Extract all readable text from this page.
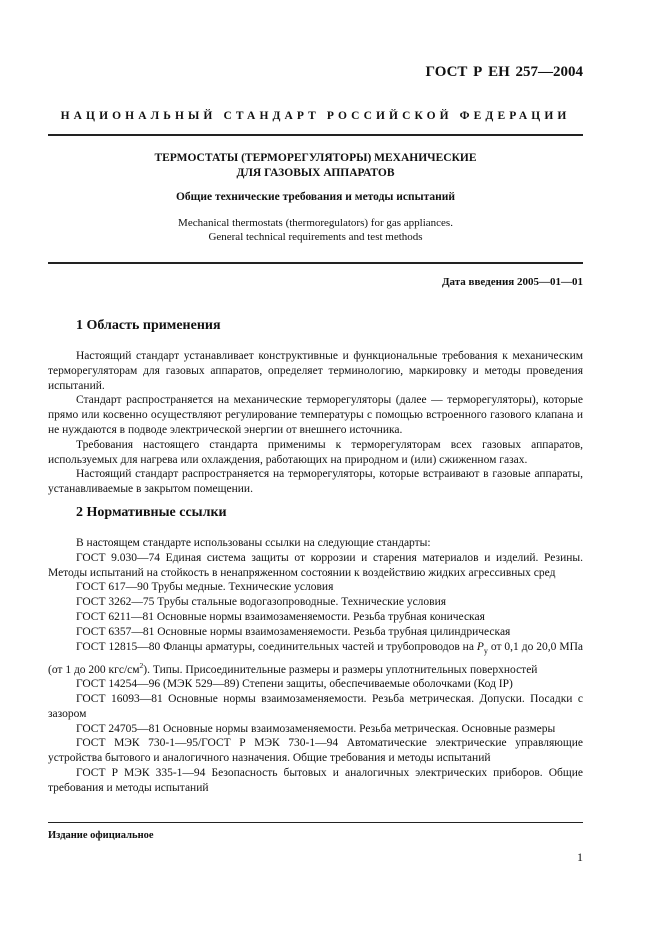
ГОСТ Р ЕН 257—2004
НАЦИОНАЛЬНЫЙ СТАНДАРТ РОССИЙСКОЙ ФЕДЕРАЦИИ
ТЕРМОСТАТЫ (ТЕРМОРЕГУЛЯТОРЫ) МЕХАНИЧЕСКИЕ
ДЛЯ ГАЗОВЫХ АППАРАТОВ
Общие технические требования и методы испытаний
Mechanical thermostats (thermoregulators) for gas appliances.
General technical requirements and test methods
Дата введения 2005—01—01
1 Область применения

Настоящий стандарт устанавливает конструктивные и функциональные требования к механическим терморегуляторам для газовых аппаратов, определяет терминологию, маркировку и методы проведения испытаний.

Стандарт распространяется на механические терморегуляторы (далее — терморегуляторы), которые прямо или косвенно осуществляют регулирование температуры с помощью встроенного газового клапана и не нуждаются в подводе электрической энергии от внешнего источника.

Требования настоящего стандарта применимы к терморегуляторам всех газовых аппаратов, используемых для нагрева или охлаждения, работающих на природном и (или) сжиженном газах.

Настоящий стандарт распространяется на терморегуляторы, которые встраивают в газовые аппараты, устанавливаемые в закрытом помещении.

2 Нормативные ссылки

В настоящем стандарте использованы ссылки на следующие стандарты:

ГОСТ 9.030—74 Единая система защиты от коррозии и старения материалов и изделий. Резины. Методы испытаний на стойкость в ненапряженном состоянии к воздействию жидких агрессивных сред

ГОСТ 617—90 Трубы медные. Технические условия

ГОСТ 3262—75 Трубы стальные водогазопроводные. Технические условия

ГОСТ 6211—81 Основные нормы взаимозаменяемости. Резьба трубная коническая

ГОСТ 6357—81 Основные нормы взаимозаменяемости. Резьба трубная цилиндрическая

ГОСТ 12815—80 Фланцы арматуры, соединительных частей и трубопроводов на $P_у$ от 0,1 до 20,0 МПа (от 1 до 200 кгс/$см^2$). Типы. Присоединительные размеры и размеры уплотнительных поверхностей

ГОСТ 14254—96 (МЭК 529—89) Степени защиты, обеспечиваемые оболочками (Код IP)

ГОСТ 16093—81 Основные нормы взаимозаменяемости. Резьба метрическая. Допуски. Посадки с зазором

ГОСТ 24705—81 Основные нормы взаимозаменяемости. Резьба метрическая. Основные размеры

ГОСТ МЭК 730-1—95/ГОСТ Р МЭК 730-1—94 Автоматические электрические управляющие устройства бытового и аналогичного назначения. Общие требования и методы испытаний

ГОСТ Р МЭК 335-1—94 Безопасность бытовых и аналогичных электрических приборов. Общие требования и методы испытаний

Издание официальное
1
